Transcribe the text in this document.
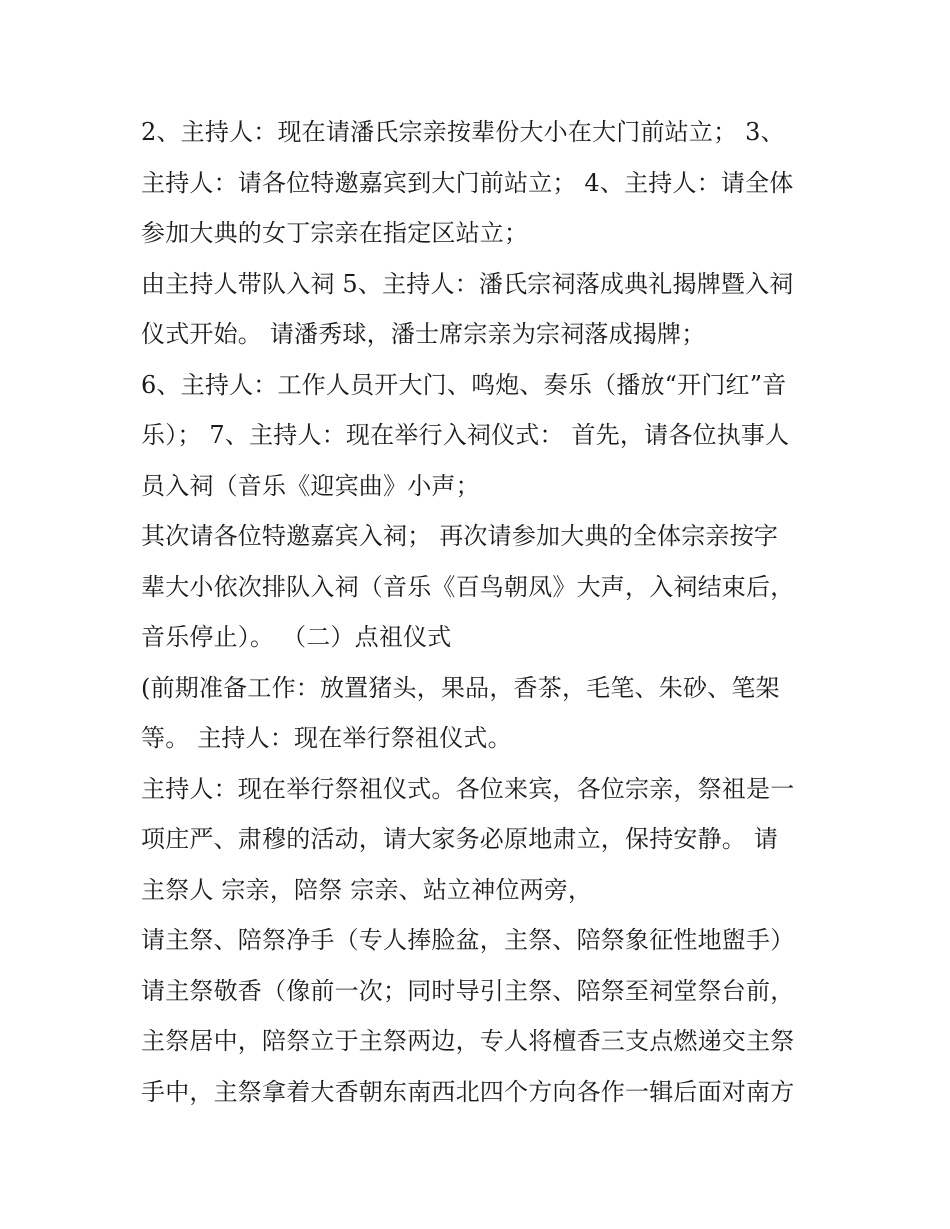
2、主持人：现在请潘氏宗亲按辈份大小在大门前站立； 3、
主持人：请各位特邀嘉宾到大门前站立； 4、主持人：请全体
参加大典的女丁宗亲在指定区站立；
由主持人带队入祠 5、主持人：潘氏宗祠落成典礼揭牌暨入祠
仪式开始。 请潘秀球，潘士席宗亲为宗祠落成揭牌；
6、主持人：工作人员开大门、鸣炮、奏乐（播放“开门红”音
乐）； 7、主持人：现在举行入祠仪式： 首先，请各位执事人
员入祠（音乐《迎宾曲》小声；
其次请各位特邀嘉宾入祠； 再次请参加大典的全体宗亲按字
辈大小依次排队入祠（音乐《百鸟朝凤》大声，入祠结束后，
音乐停止）。 （二）点祖仪式
(前期准备工作：放置猪头，果品，香茶，毛笔、朱砂、笔架
等。 主持人：现在举行祭祖仪式。
主持人：现在举行祭祖仪式。各位来宾，各位宗亲，祭祖是一
项庄严、肃穆的活动，请大家务必原地肃立，保持安静。 请
主祭人 宗亲，陪祭 宗亲、站立神位两旁，
请主祭、陪祭净手（专人捧脸盆，主祭、陪祭象征性地盥手）
请主祭敬香（像前一次；同时导引主祭、陪祭至祠堂祭台前，
主祭居中，陪祭立于主祭两边，专人将檀香三支点燃递交主祭
手中，主祭拿着大香朝东南西北四个方向各作一辑后面对南方
